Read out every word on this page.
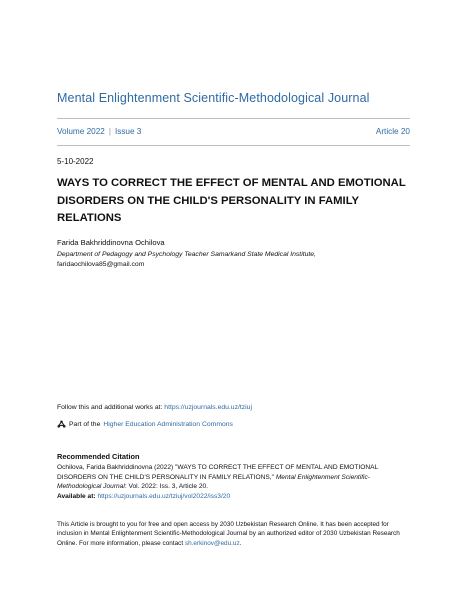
Mental Enlightenment Scientific-Methodological Journal
Volume 2022 | Issue 3	Article 20
5-10-2022
WAYS TO CORRECT THE EFFECT OF MENTAL AND EMOTIONAL
DISORDERS ON THE CHILD'S PERSONALITY IN FAMILY
RELATIONS
Farida Bakhriddinovna Ochilova
Department of Pedagogy and Psychology Teacher Samarkand State Medical Institute,
faridaochilova85@gmail.com
Follow this and additional works at: https://uzjournals.edu.uz/tziuj
Part of the Higher Education Administration Commons
Recommended Citation
Ochilova, Farida Bakhriddinovna (2022) "WAYS TO CORRECT THE EFFECT OF MENTAL AND EMOTIONAL DISORDERS ON THE CHILD'S PERSONALITY IN FAMILY RELATIONS," Mental Enlightenment Scientific-Methodological Journal: Vol. 2022: Iss. 3, Article 20.
Available at: https://uzjournals.edu.uz/tziuj/vol2022/iss3/20
This Article is brought to you for free and open access by 2030 Uzbekistan Research Online. It has been accepted for inclusion in Mental Enlightenment Scientific-Methodological Journal by an authorized editor of 2030 Uzbekistan Research Online. For more information, please contact sh.erkinov@edu.uz.
